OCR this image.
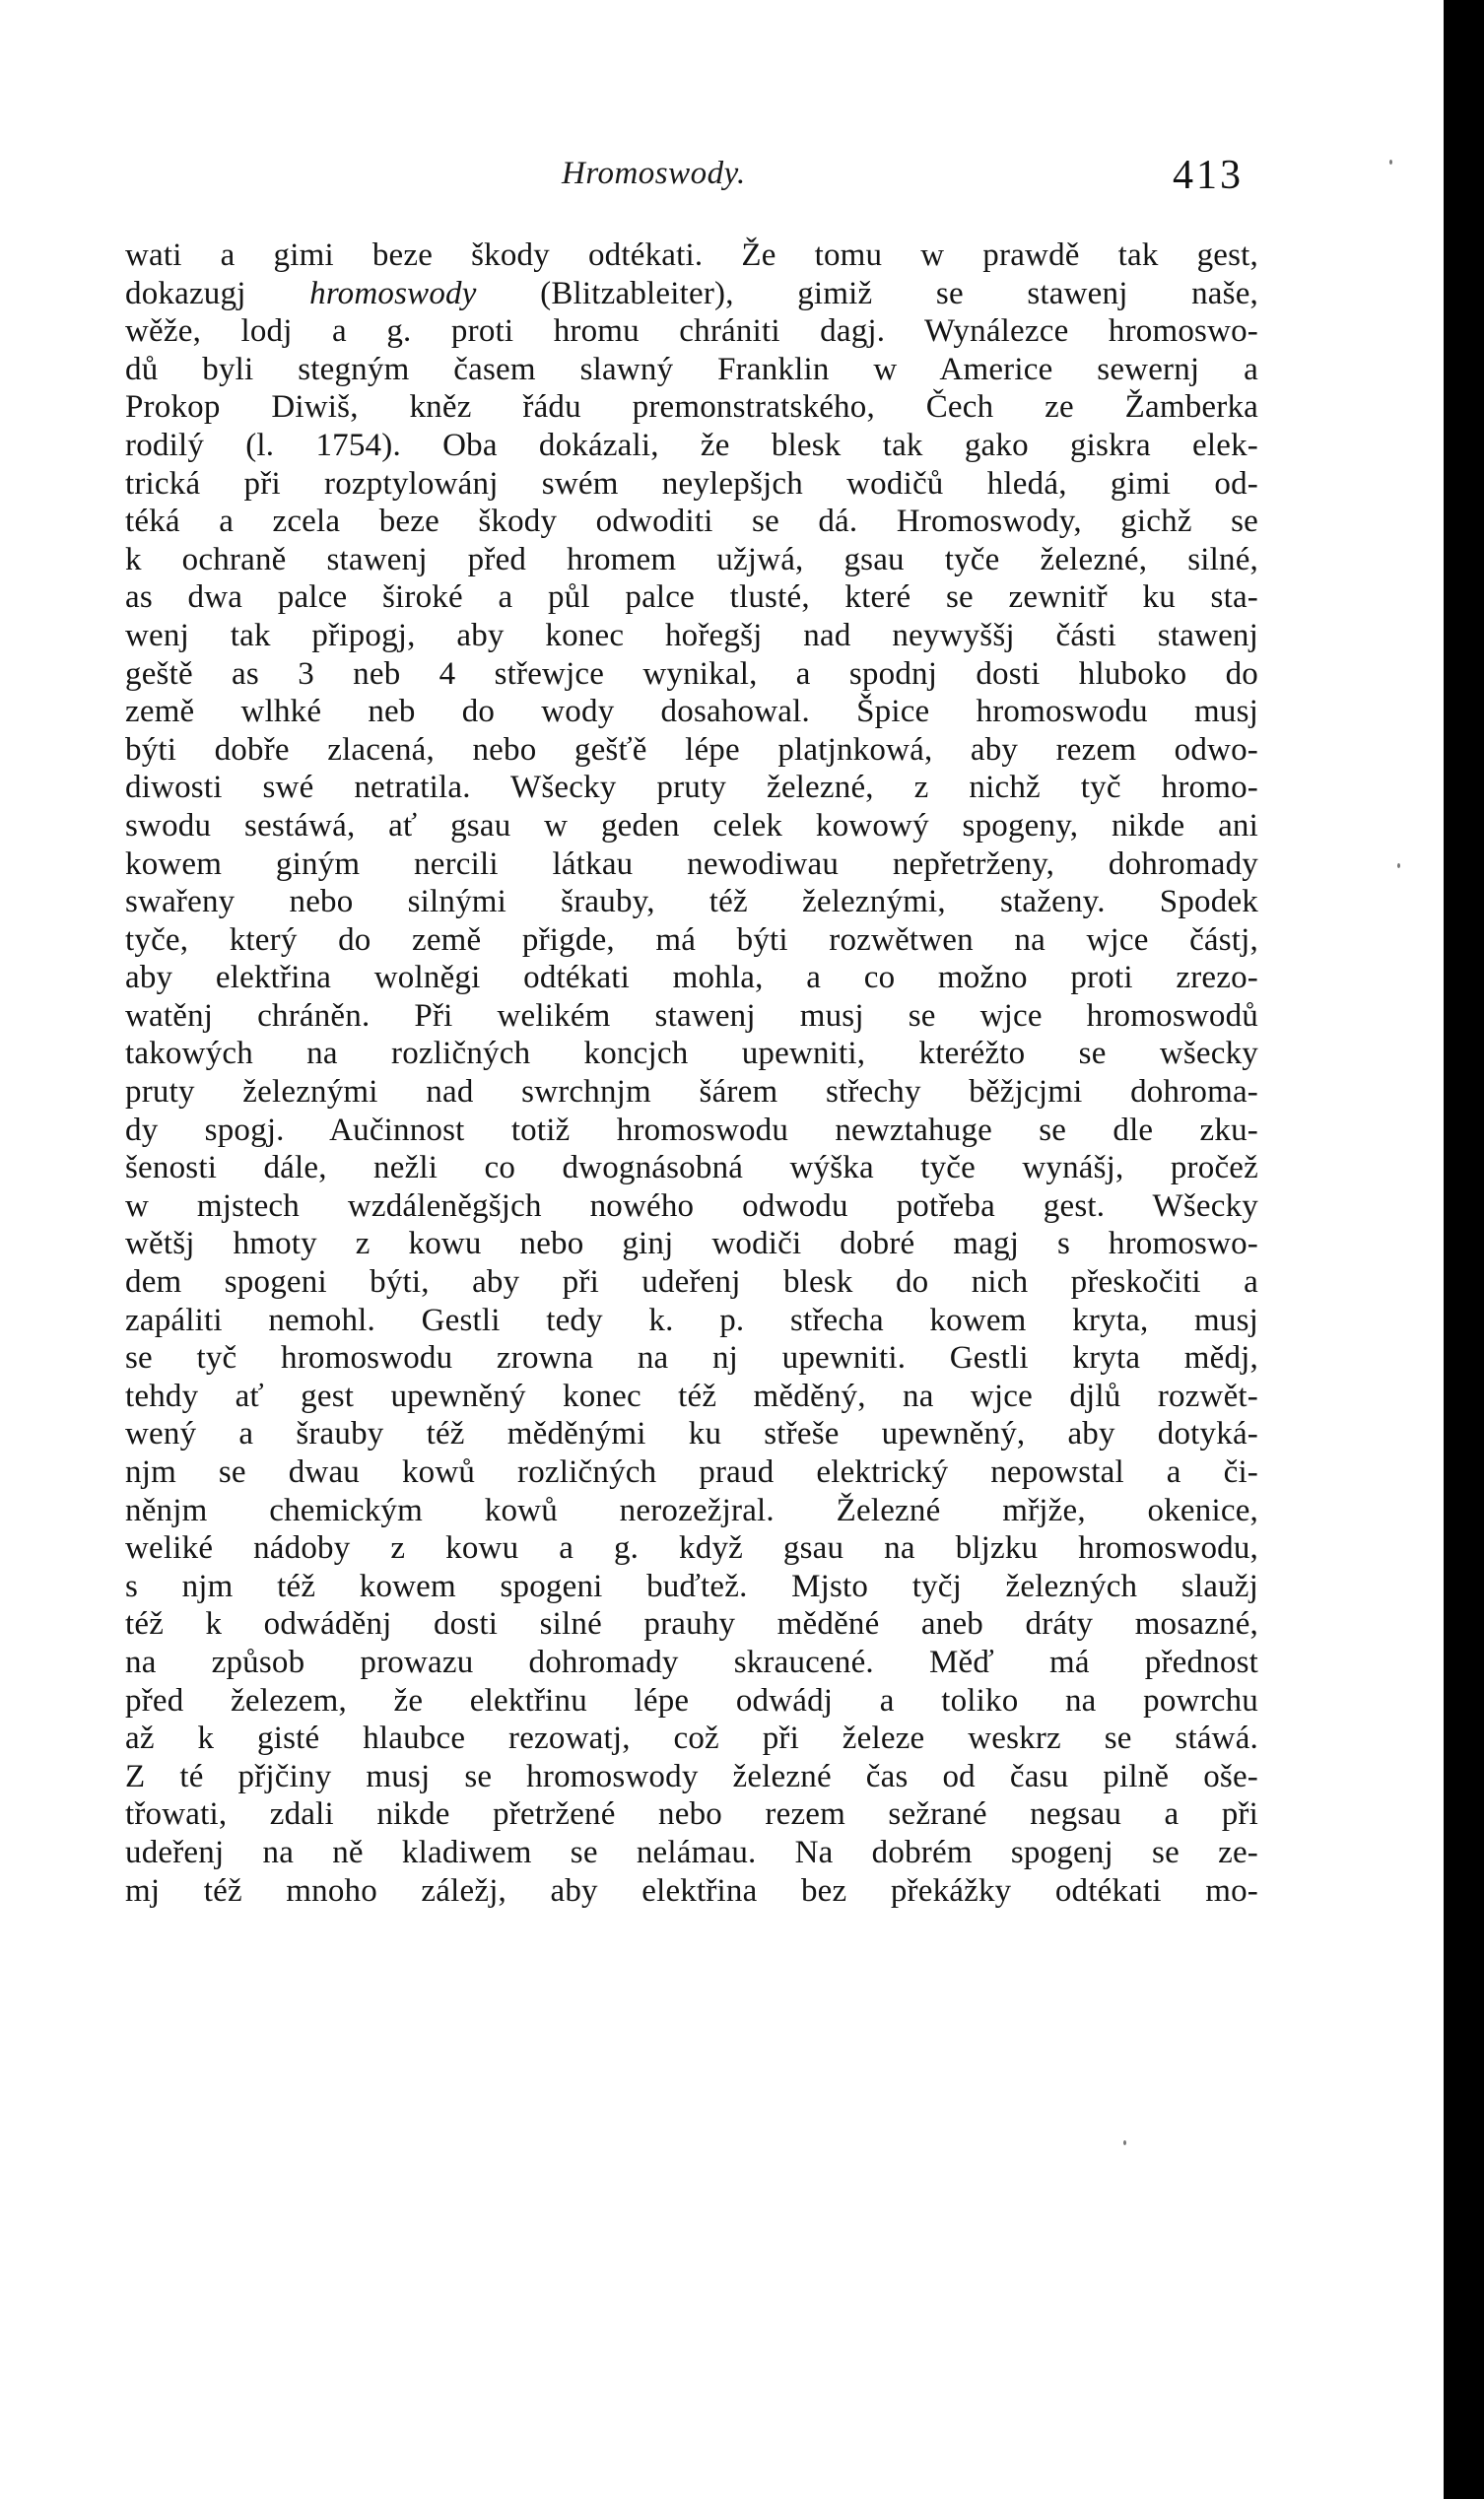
Hromoswody.	413
wati a gimi beze škody odtékati. Že tomu w prawdě tak gest,
dokazugj hromoswody (Blitzableiter), gimiž se stawenj naše,
wěže, lodj a g. proti hromu chrániti dagj. Wynálezce hromoswo-
dů byli stegným časem slawný Franklin w Americe sewernj a
Prokop Diwiš, kněz řádu premonstratského, Čech ze Žamberka
rodilý (l. 1754). Oba dokázali, že blesk tak gako giskra elek-
trická při rozptylowánj swém neylepšjch wodičů hledá, gimi od-
téká a zcela beze škody odwoditi se dá. Hromoswody, gichž se
k ochraně stawenj před hromem užjwá, gsau tyče železné, silné,
as dwa palce široké a půl palce tlusté, které se zewnitř ku sta-
wenj tak připogj, aby konec hořegšj nad neywyššj části stawenj
geště as 3 neb 4 střewjce wynikal, a spodnj dosti hluboko do
země wlhké neb do wody dosahowal. Špice hromoswodu musj
býti dobře zlacená, nebo gešťě lépe platjnkowá, aby rezem odwo-
diwosti swé netratila. Wšecky pruty železné, z nichž tyč hromo-
swodu sestáwá, ať gsau w geden celek kowowý spogeny, nikde ani
kowem giným nercili látkau newodiwau nepřetrženy, dohromady
swařeny nebo silnými šrauby, též železnými, staženy. Spodek
tyče, který do země přigde, má býti rozwětwen na wjce částj,
aby elektřina wolněgi odtékati mohla, a co možno proti zrezo-
watěnj chráněn. Při welikém stawenj musj se wjce hromoswodů
takowých na rozličných koncjch upewniti, kteréžto se wšecky
pruty železnými nad swrchnjm šárem střechy běžjcjmi dohroma-
dy spogj. Aučinnost totiž hromoswodu newztahuge se dle zku-
šenosti dále, nežli co dwognásobná wýška tyče wynášj, pročež
w mjstech wzdáleněgšjch nowého odwodu potřeba gest. Wšecky
wětšj hmoty z kowu nebo ginj wodiči dobré magj s hromoswo-
dem spogeni býti, aby při udeřenj blesk do nich přeskočiti a
zapáliti nemohl. Gestli tedy k. p. střecha kowem kryta, musj
se tyč hromoswodu zrowna na nj upewniti. Gestli kryta mědj,
tehdy ať gest upewněný konec též měděný, na wjce djlů rozwět-
wený a šrauby též měděnými ku střeše upewněný, aby dotyká-
njm se dwau kowů rozličných praud elektrický nepowstal a či-
něnjm chemickým kowů nerozežjral. Železné mřjže, okenice,
weliké nádoby z kowu a g. když gsau na bljzku hromoswodu,
s njm též kowem spogeni buďtež. Mjsto tyčj železných slaužj
též k odwáděnj dosti silné prauhy měděné aneb dráty mosazné,
na způsob prowazu dohromady skraucené. Měď má přednost
před železem, že elektřinu lépe odwádj a toliko na powrchu
až k gisté hlaubce rezowatj, což při železe weskrz se stáwá.
Z té přjčiny musj se hromoswody železné čas od času pilně oše-
třowati, zdali nikde přetržené nebo rezem sežrané negsau a při
udeřenj na ně kladiwem se nelámau. Na dobrém spogenj se ze-
mj též mnoho záležj, aby elektřina bez překážky odtékati mo-
